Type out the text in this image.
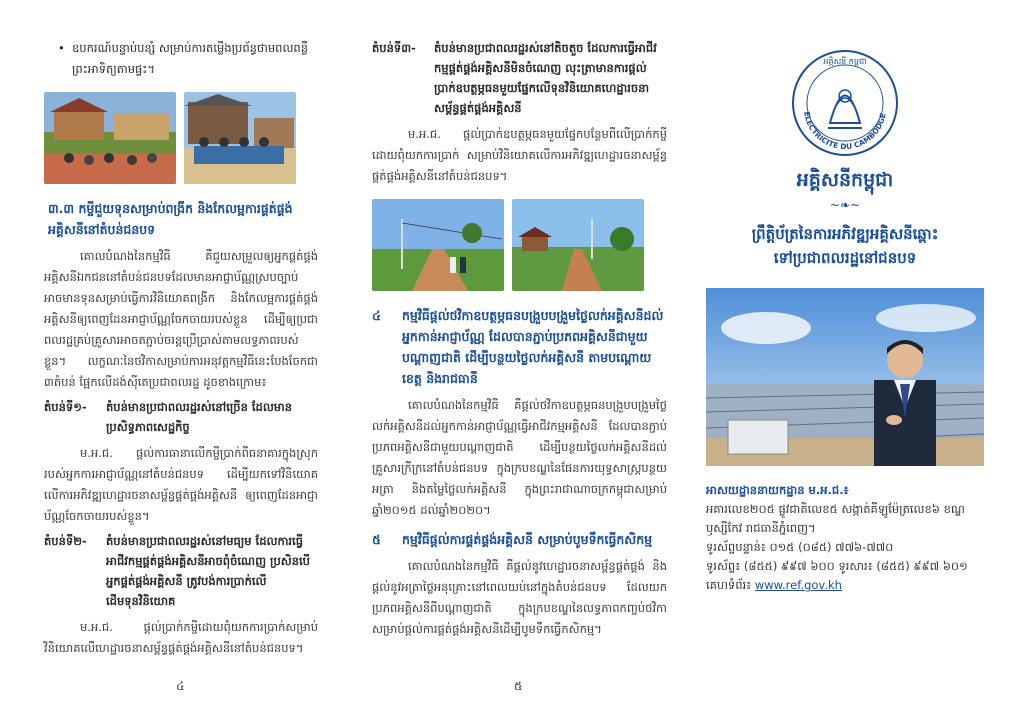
• ឧបករណ៍បន្ទាប់បន្សំ សម្រាប់ការតម្លើងប្រព័ន្ធថាមពលពន្លឺព្រះអាទិត្យតាមផ្ទះ។
៣.៣ កម្ចីជួយទុនសម្រាប់ពង្រីក និងកែលម្អការផ្គត់ផ្គង់អគ្គិសនីនៅតំបន់ជនបទ

គោលបំណងនៃកម្មវិធី គឺជួយសម្រួលឲ្យអ្នកផ្គត់ផ្គង់អគ្គិសនីឯកជននៅតំបន់ជនបទដែលមានអាជ្ញាប័ណ្ណស្របច្បាប់ អាចមានទុនសម្រាប់ធ្វើការវិនិយោគពង្រីក និងកែលម្អការផ្គត់ផ្គង់អគ្គិសនីឲ្យពេញដែនអាជ្ញាប័ណ្ណចែកចាយរបស់ខ្លួន ដើម្បីឲ្យប្រជាពលរដ្ឋគ្រប់គ្រួសារអាចតភ្ជាប់ចរន្តប្រើប្រាស់តាមលទ្ធភាពរបស់ខ្លួន។ លក្ខណៈនៃថវិកាសម្រាប់ការអនុវត្តកម្មវិធីនេះបែងចែកជា ៣តំបន់ ផ្អែកលើដង់ស៊ីតេប្រជាពលរដ្ឋ ដូចខាងក្រោម៖

តំបន់ទី១-	តំបន់មានប្រជាពលរដ្ឋរស់នៅច្រើន ដែលមានប្រសិទ្ធភាពសេដ្ឋកិច្ច

ម.អ.ជ. ផ្តល់ការធានាលើកម្ចីប្រាក់ពីធនាគារក្នុងស្រុករបស់អ្នកការអាជ្ញាប័ណ្ណនៅតំបន់ជនបទ ដើម្បីយកទៅវិនិយោគលើការអភិវឌ្ឍហេដ្ឋារចនាសម្ព័ន្ធផ្គត់ផ្គង់អគ្គិសនី ឲ្យពេញដែនអាជ្ញាប័ណ្ណចែកចាយរបស់ខ្លួន។

តំបន់ទី២-	តំបន់មានប្រជាពលរដ្ឋរស់នៅមធ្យម ដែលការធ្វើអាជីវកម្មផ្គត់ផ្គង់អគ្គិសនីអាចពុំចំណេញ ប្រសិនបើអ្នកផ្គត់ផ្គង់អគ្គិសនី ត្រូវបង់ការប្រាក់លើដើមទុនវិនិយោគ

ម.អ.ជ. ផ្តល់ប្រាក់កម្ចីដោយពុំយកការប្រាក់សម្រាប់វិនិយោគលើហេដ្ឋារចនាសម្ព័ន្ធផ្គត់ផ្គង់អគ្គិសនីនៅតំបន់ជនបទ។

៤
តំបន់ទី៣-	តំបន់មានប្រជាពលរដ្ឋរស់នៅតិចតួច ដែលការធ្វើអាជីវកម្មផ្គត់ផ្គង់អគ្គិសនីមិនចំណេញ លុះត្រាមានការផ្តល់ប្រាក់ឧបត្ថម្ភធនមួយផ្នែកលើទុនវិនិយោគហេដ្ឋារចនាសម្ព័ន្ធផ្គត់ផ្គង់អគ្គិសនី

ម.អ.ជ. ផ្តល់ប្រាក់ឧបត្ថម្ភធនមួយផ្នែកបន្ថែមពីលើប្រាក់កម្ចីដោយពុំយកការប្រាក់ សម្រាប់វិនិយោគលើការអភិវឌ្ឍហេដ្ឋារចនាសម្ព័ន្ធផ្គត់ផ្គង់អគ្គិសនីនៅតំបន់ជនបទ។

៤	កម្មវិធីផ្តល់ថវិកាឧបត្ថម្ភធនបង្រួបបង្រួមថ្លៃលក់អគ្គិសនីដល់អ្នកកាន់អាជ្ញាប័ណ្ណ ដែលបានភ្ជាប់ប្រភពអគ្គិសនីជាមួយបណ្តាញជាតិ ដើម្បីបន្ថយថ្លៃលក់អគ្គិសនី តាមបណ្តោយខេត្ត និងរាជធានី

គោលបំណងនៃកម្មវិធី គឺផ្តល់ថវិកាឧបត្ថម្ភធនបង្រួបបង្រួមថ្លៃលក់អគ្គិសនីដល់អ្នកកាន់អាជ្ញាប័ណ្ណធ្វើអាជីវកម្មអគ្គិសនី ដែលបានភ្ជាប់ប្រភពអគ្គិសនីជាមួយបណ្តាញជាតិ ដើម្បីបន្ថយថ្លៃលក់អគ្គិសនីដល់គ្រួសារក្រីក្រនៅតំបន់ជនបទ ក្នុងក្របខណ្ឌនៃផែនការយុទ្ធសាស្រ្តបន្ថយអត្រា និងតម្លៃថ្លៃលក់អគ្គិសនី ក្នុងព្រះរាជាណាចក្រកម្ពុជាសម្រាប់ឆ្នាំ២០១៥ ដល់ឆ្នាំ២០២០។

៥	កម្មវិធីផ្តល់ការផ្គត់ផ្គង់អគ្គិសនី សម្រាប់បូមទឹកធ្វើកសិកម្ម

គោលបំណងនៃកម្មវិធី គឺផ្តល់នូវហេដ្ឋារចនាសម្ព័ន្ធផ្គត់ផ្គង់ និងផ្តល់នូវអត្រាថ្លៃអនុគ្រោះនៅពេលយប់នៅក្នុងតំបន់ជនបទ ដែលយកប្រភពអគ្គិសនីពីបណ្តាញជាតិ ក្នុងក្របខណ្ឌនៃលទ្ធភាពកញ្ចប់ថវិកា សម្រាប់ផ្តល់ការផ្គត់ផ្គង់អគ្គិសនីដើម្បីបូមទឹកធ្វើកសិកម្ម។

៥
ELECTRICITE DU CAMBODGE
អគ្គិសនី កម្ពុជា
អគ្គិសនីកម្ពុជា
~❧~
ព្រឹត្តិប័ត្រនៃការអភិវឌ្ឍអគ្គិសនីឆ្ពោះ
ទៅប្រជាពលរដ្ឋនៅជនបទ
អាសយដ្ឋាននាយកដ្ឋាន ម.អ.ជ.៖
អគារលេខ២០៥ ផ្លូវជាតិលេខ៥ សង្កាត់គីឡូម៉ែត្រលេខ៦ ខណ្ឌឫស្សីកែវ រាជធានីភ្នំពេញ។
ទូរស័ព្ទបន្ទាន់៖ ០១៥ (០៨៥) ៧៧៦-៧៧០
ទូរស័ព្ទ៖ (៨៥៥) ៩៩៧ ៦០០ ទូរសារ៖ (៨៥៥) ៩៩៧ ៦០១
គេហទំព័រ៖ www.ref.gov.kh
